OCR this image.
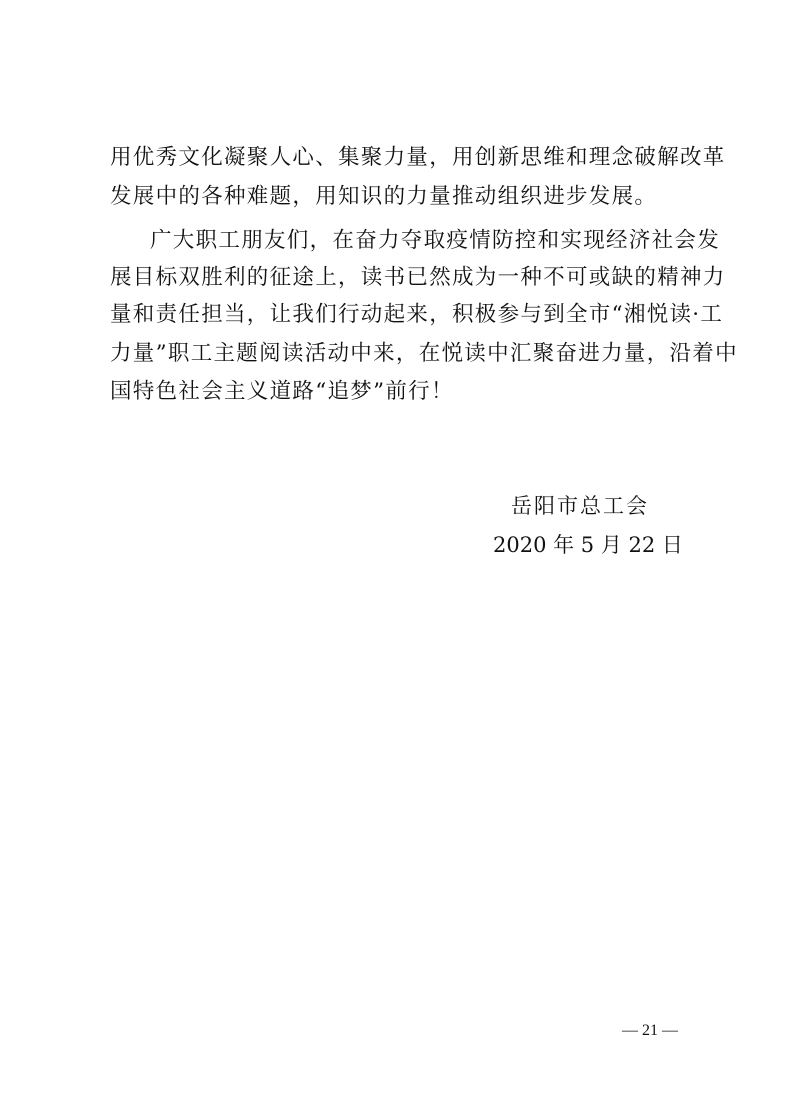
用优秀文化凝聚人心、集聚力量，用创新思维和理念破解改革
发展中的各种难题，用知识的力量推动组织进步发展。
广大职工朋友们，在奋力夺取疫情防控和实现经济社会发
展目标双胜利的征途上，读书已然成为一种不可或缺的精神力
量和责任担当，让我们行动起来，积极参与到全市“湘悦读·工
力量”职工主题阅读活动中来，在悦读中汇聚奋进力量，沿着中
国特色社会主义道路“追梦”前行！
岳阳市总工会
2020 年 5 月 22 日
— 21 —
